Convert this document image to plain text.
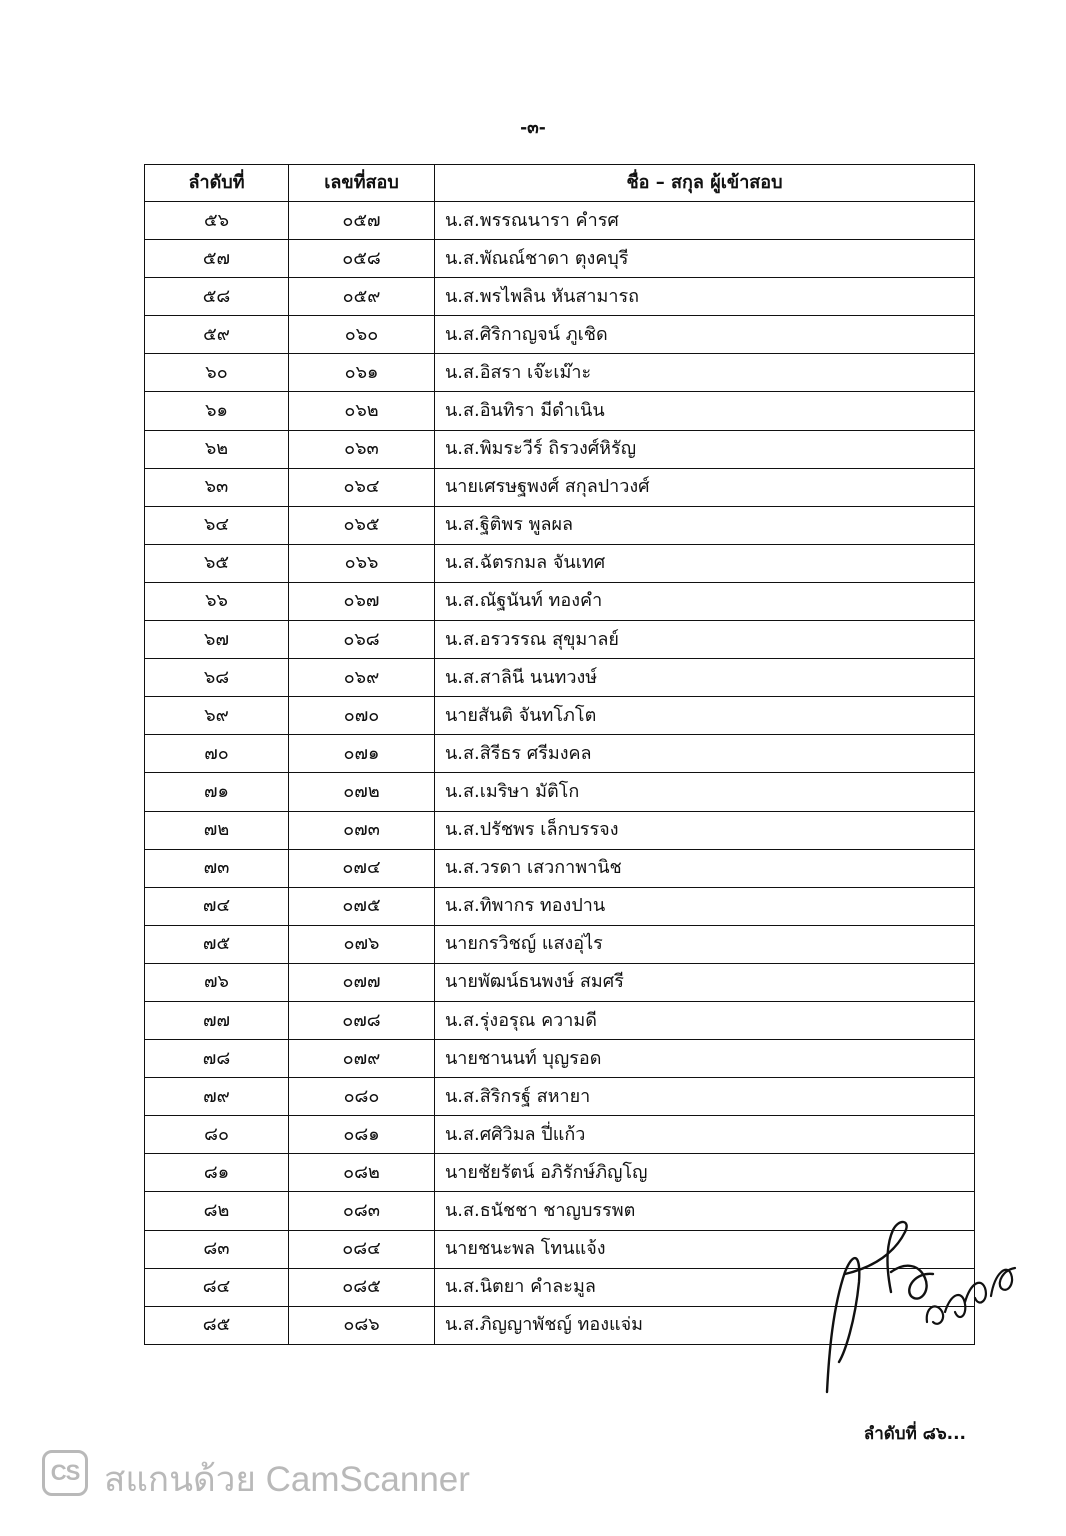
-๓-
ลำดับที่	เลขที่สอบ	ชื่อ – สกุล ผู้เข้าสอบ
๕๖	๐๕๗	น.ส.พรรณนารา คำรศ
๕๗	๐๕๘	น.ส.พัณณ์ชาดา ตุงคบุรี
๕๘	๐๕๙	น.ส.พรไพลิน หันสามารถ
๕๙	๐๖๐	น.ส.ศิริกาญจน์ ภูเชิด
๖๐	๐๖๑	น.ส.อิสรา เจ๊ะเม๊าะ
๖๑	๐๖๒	น.ส.อินทิรา มีดำเนิน
๖๒	๐๖๓	น.ส.พิมระวีร์ ถิรวงศ์หิรัญ
๖๓	๐๖๔	นายเศรษฐพงศ์ สกุลปาวงศ์
๖๔	๐๖๕	น.ส.ฐิติพร พูลผล
๖๕	๐๖๖	น.ส.ฉัตรกมล จันเทศ
๖๖	๐๖๗	น.ส.ณัฐนันท์ ทองคำ
๖๗	๐๖๘	น.ส.อรวรรณ สุขุมาลย์
๖๘	๐๖๙	น.ส.สาลินี นนทวงษ์
๖๙	๐๗๐	นายสันติ จันทโภโต
๗๐	๐๗๑	น.ส.สิรีธร ศรีมงคล
๗๑	๐๗๒	น.ส.เมริษา มัติโก
๗๒	๐๗๓	น.ส.ปรัชพร เล็กบรรจง
๗๓	๐๗๔	น.ส.วรดา เสวกาพานิช
๗๔	๐๗๕	น.ส.ทิพากร ทองปาน
๗๕	๐๗๖	นายกรวิชญ์ แสงอุ่ไร
๗๖	๐๗๗	นายพัฒน์ธนพงษ์ สมศรี
๗๗	๐๗๘	น.ส.รุ่งอรุณ ความดี
๗๘	๐๗๙	นายชานนท์ บุญรอด
๗๙	๐๘๐	น.ส.สิริกรฐ์ สหายา
๘๐	๐๘๑	น.ส.ศศิวิมล ปี่แก้ว
๘๑	๐๘๒	นายชัยรัตน์ อภิรักษ์ภิญโญ
๘๒	๐๘๓	น.ส.ธนัชชา ชาญบรรพต
๘๓	๐๘๔	นายชนะพล โทนแจ้ง
๘๔	๐๘๕	น.ส.นิตยา คำละมูล
๘๕	๐๘๖	น.ส.ภิญญาพัชญ์ ทองแจ่ม
ลำดับที่ ๘๖...
CS สแกนด้วย CamScanner
